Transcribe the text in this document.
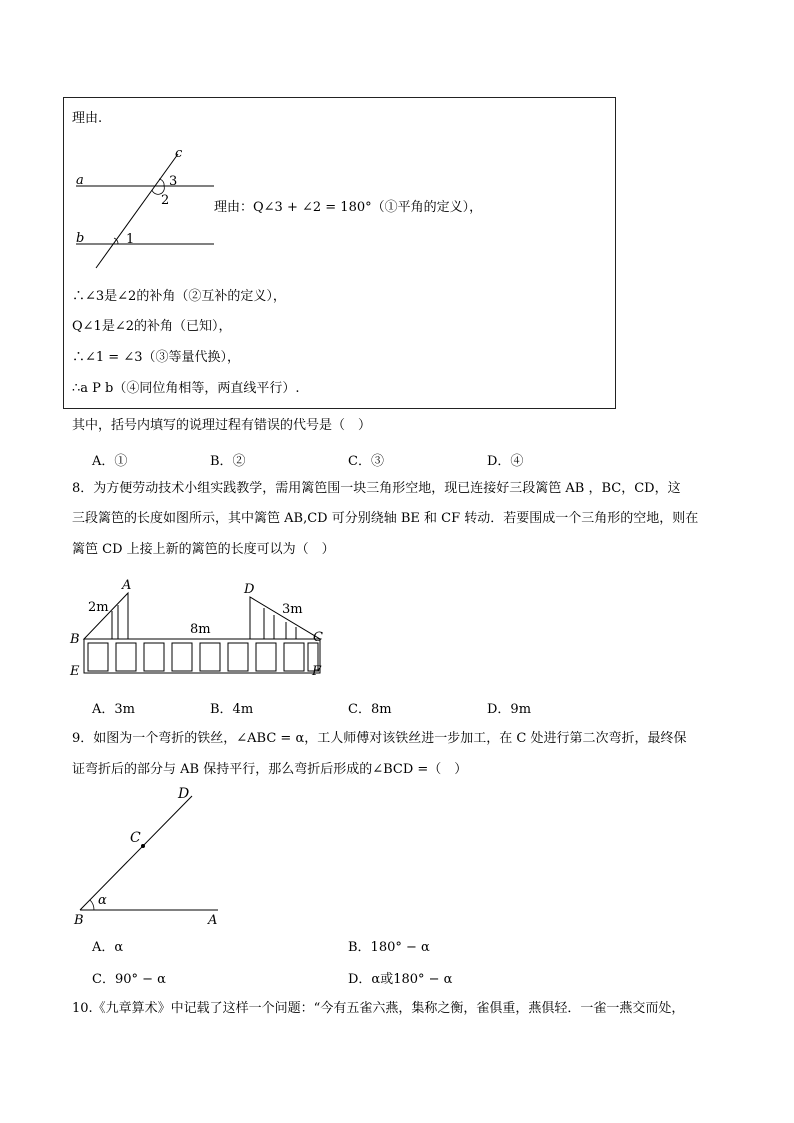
理由.
a
b
c
3
2
1
理由：Q∠3 + ∠2 = 180°（①平角的定义），
∴∠3是∠2的补角（②互补的定义），
Q∠1是∠2的补角（已知），
∴∠1 = ∠3（③等量代换），
∴a P b（④同位角相等，两直线平行）.
其中，括号内填写的说理过程有错误的代号是（　）
A．①	B．②	C．③	D．④
8．为方便劳动技术小组实践教学，需用篱笆围一块三角形空地，现已连接好三段篱笆 AB ，BC，CD，这
三段篱笆的长度如图所示，其中篱笆 AB,CD 可分别绕轴 BE 和 CF 转动．若要围成一个三角形的空地，则在
篱笆 CD 上接上新的篱笆的长度可以为（　）
A
B	C
D
E	F
2m
8m
3m
A．3m	B．4m	C．8m	D．9m
9．如图为一个弯折的铁丝，∠ABC = α，工人师傅对该铁丝进一步加工，在 C 处进行第二次弯折，最终保
证弯折后的部分与 AB 保持平行，那么弯折后形成的∠BCD =（　）
B	A
C
D
α
A．α	B．180° − α
C．90° − α	D．α或180° − α
10.《九章算术》中记载了这样一个问题：“今有五雀六燕，集称之衡，雀俱重，燕俱轻．一雀一燕交而处，
